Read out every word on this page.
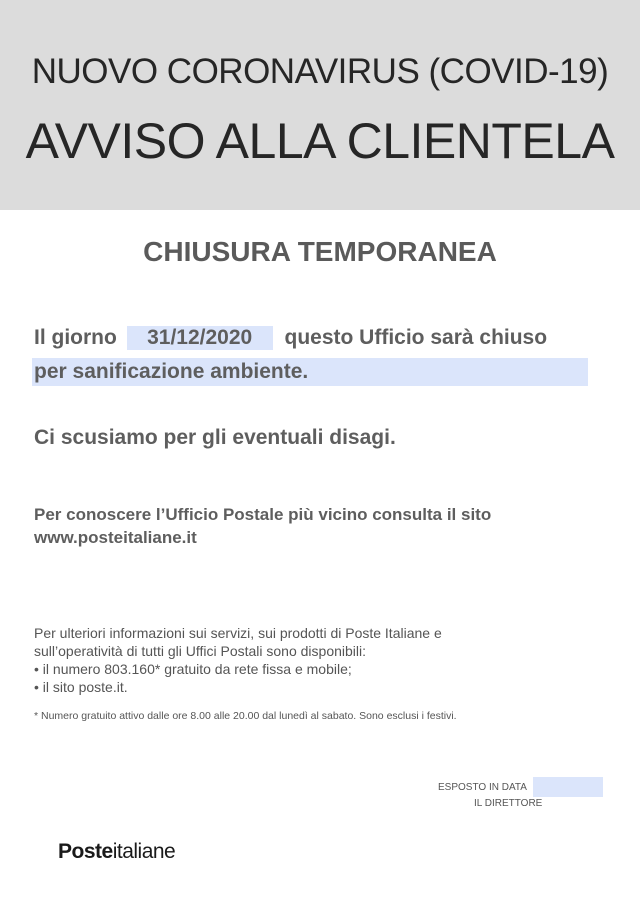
NUOVO CORONAVIRUS (COVID-19)
AVVISO ALLA CLIENTELA
CHIUSURA TEMPORANEA
Il giorno 31/12/2020 questo Ufficio sarà chiuso
per sanificazione ambiente.
Ci scusiamo per gli eventuali disagi.
Per conoscere l’Ufficio Postale più vicino consulta il sito
www.posteitaliane.it
Per ulteriori informazioni sui servizi, sui prodotti di Poste Italiane e
sull’operatività di tutti gli Uffici Postali sono disponibili:
• il numero 803.160* gratuito da rete fissa e mobile;
• il sito poste.it.
* Numero gratuito attivo dalle ore 8.00 alle 20.00 dal lunedì al sabato. Sono esclusi i festivi.
ESPOSTO IN DATA
IL DIRETTORE
Posteitaliane
